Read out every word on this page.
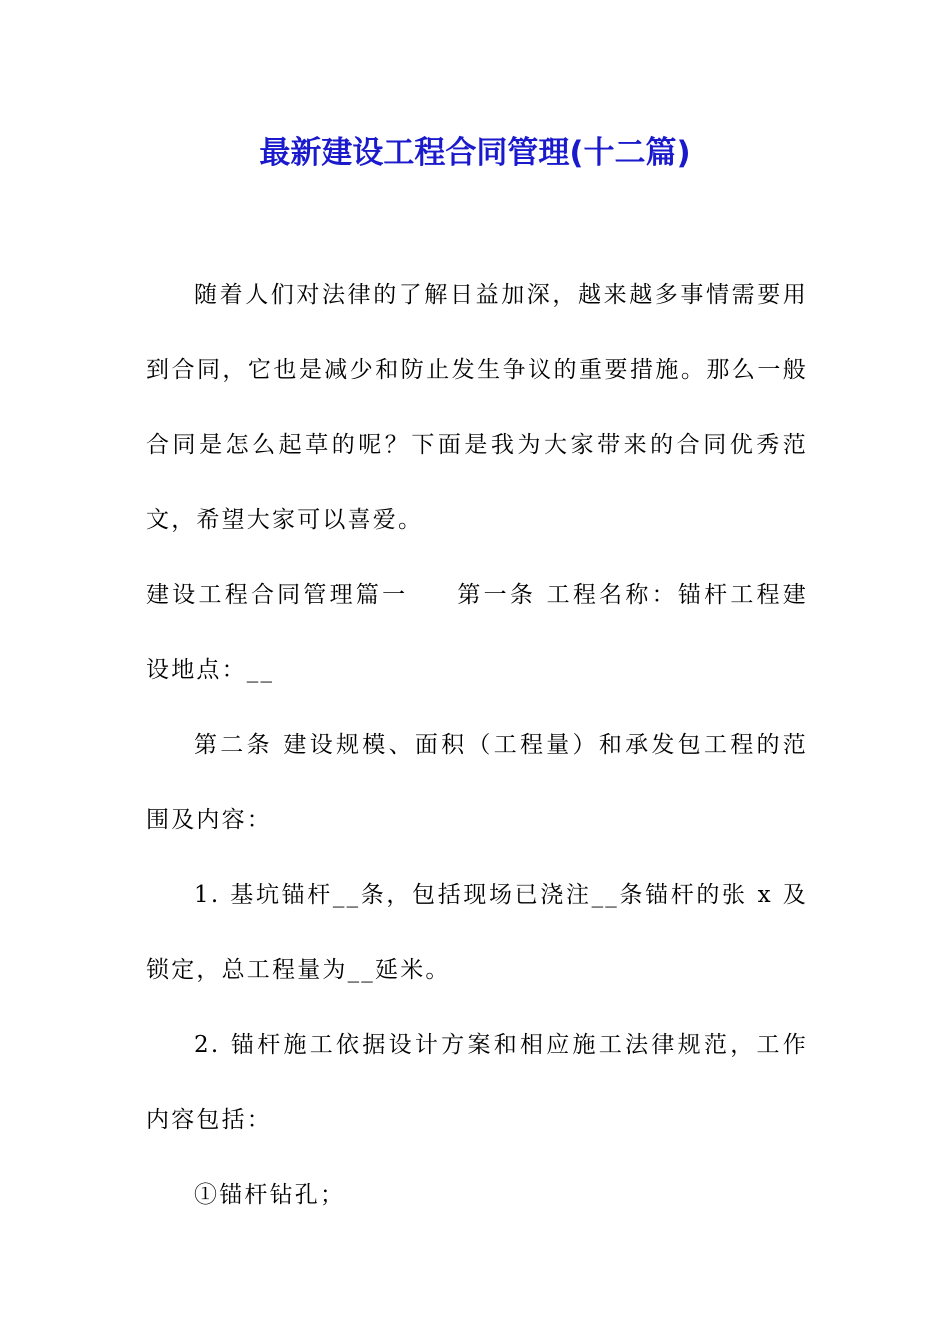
最新建设工程合同管理(十二篇)

随着人们对法律的了解日益加深，越来越多事情需要用到合同，它也是减少和防止发生争议的重要措施。那么一般合同是怎么起草的呢？下面是我为大家带来的合同优秀范文，希望大家可以喜爱。

建设工程合同管理篇一 第一条 工程名称：锚杆工程建设地点：__

第二条 建设规模、面积（工程量）和承发包工程的范围及内容：

1. 基坑锚杆__条，包括现场已浇注__条锚杆的张 x 及锁定，总工程量为__延米。

2. 锚杆施工依据设计方案和相应施工法律规范，工作内容包括：

①锚杆钻孔；
